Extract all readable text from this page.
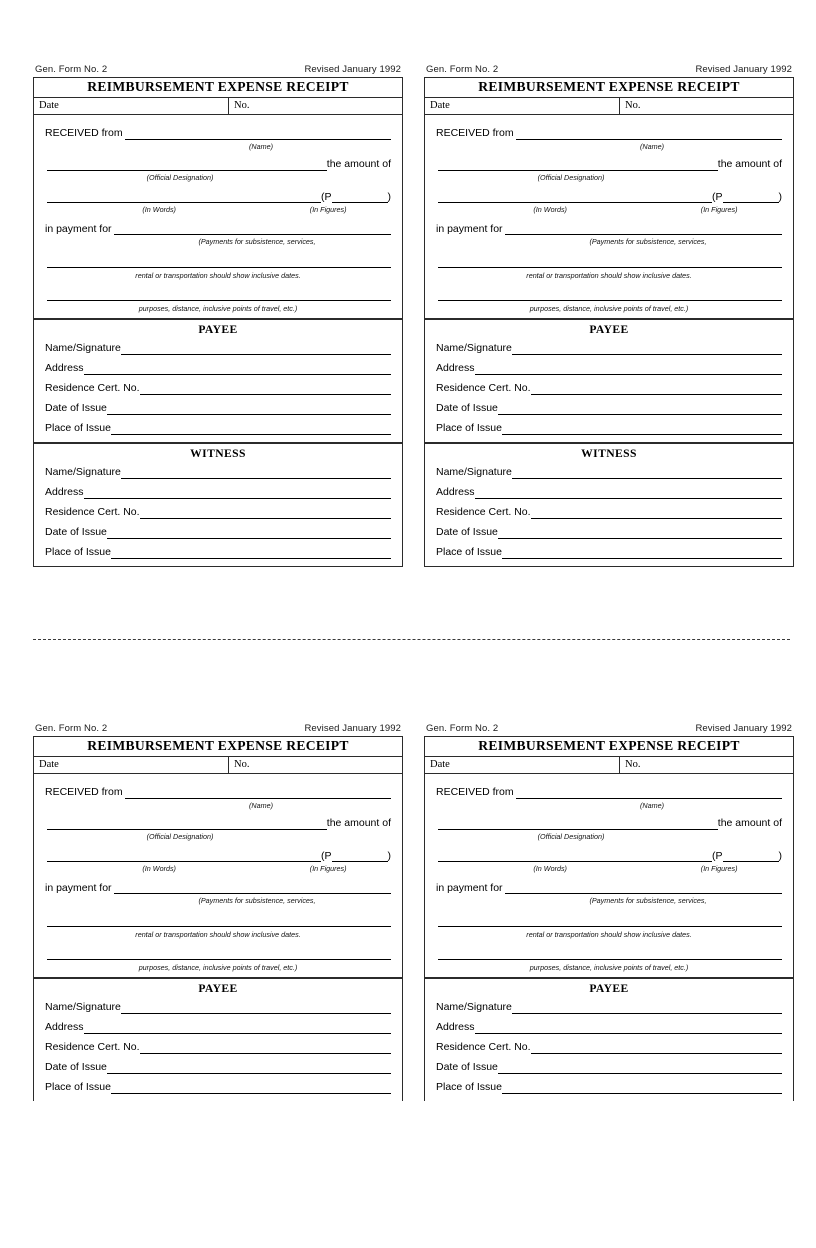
Gen. Form No. 2	Revised January 1992
REIMBURSEMENT EXPENSE RECEIPT
Date	No.
RECEIVED from
(Name)
the amount of
(Official Designation)
(P	)
(In Words)	(In Figures)
in payment for
(Payments for subsistence, services,
rental or transportation should show inclusive dates.
purposes, distance, inclusive points of travel, etc.)
PAYEE
Name/Signature
Address
Residence Cert. No.
Date of Issue
Place of Issue
WITNESS
Name/Signature
Address
Residence Cert. No.
Date of Issue
Place of Issue
Gen. Form No. 2	Revised January 1992
REIMBURSEMENT EXPENSE RECEIPT
Date	No.
RECEIVED from
(Name)
the amount of
(Official Designation)
(P	)
(In Words)	(In Figures)
in payment for
(Payments for subsistence, services,
rental or transportation should show inclusive dates.
purposes, distance, inclusive points of travel, etc.)
PAYEE
Name/Signature
Address
Residence Cert. No.
Date of Issue
Place of Issue
WITNESS
Name/Signature
Address
Residence Cert. No.
Date of Issue
Place of Issue
Gen. Form No. 2	Revised January 1992
REIMBURSEMENT EXPENSE RECEIPT
Date	No.
RECEIVED from
(Name)
the amount of
(Official Designation)
(P	)
(In Words)	(In Figures)
in payment for
(Payments for subsistence, services,
rental or transportation should show inclusive dates.
purposes, distance, inclusive points of travel, etc.)
PAYEE
Name/Signature
Address
Residence Cert. No.
Date of Issue
Place of Issue
Gen. Form No. 2	Revised January 1992
REIMBURSEMENT EXPENSE RECEIPT
Date	No.
RECEIVED from
(Name)
the amount of
(Official Designation)
(P	)
(In Words)	(In Figures)
in payment for
(Payments for subsistence, services,
rental or transportation should show inclusive dates.
purposes, distance, inclusive points of travel, etc.)
PAYEE
Name/Signature
Address
Residence Cert. No.
Date of Issue
Place of Issue
